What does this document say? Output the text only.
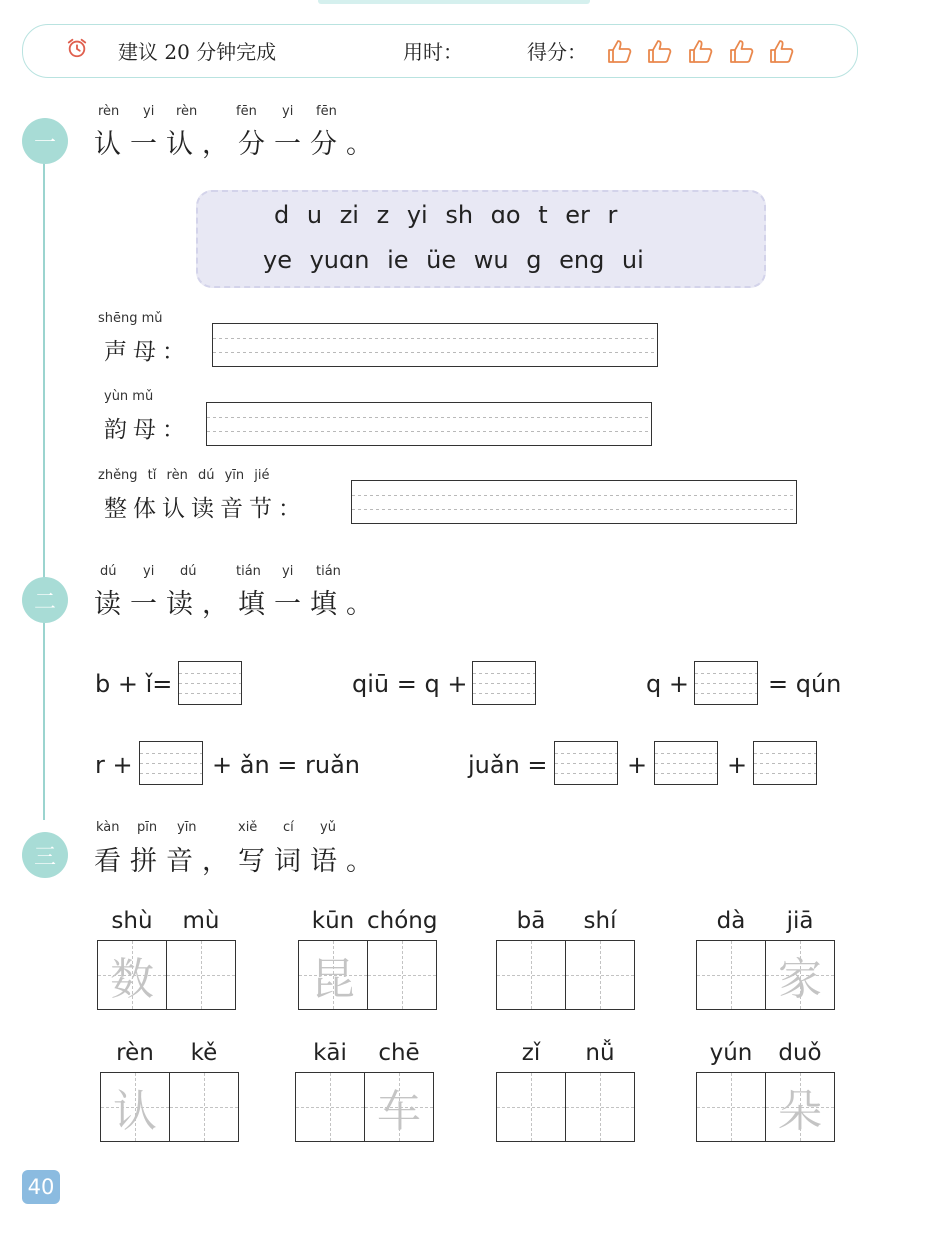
建议 20 分钟完成	用时：	得分：
一
rèn yi rèn	fēn yi fēn
认一认，分一分。
d u zi z yi sh ɑo t er r
ye yuɑn ie üe wu g eng ui
shēng mǔ
声母：
yùn mǔ
韵母：
zhěng tǐ rèn dú yīn jié
整体认读音节：
二
dú yi dú	tián yi tián
读一读，填一填。
b + ǐ=	qiū = q +	q +	= qún
r +	+ ǎn = ruǎn	juǎn =	+	+
三
kàn pīn yīn	xiě cí yǔ
看拼音，写词语。
shù	mù
数
kūn chóng
昆
bā	shí	dà	jiā
家
rèn	kě
认
kāi	chē
车
zǐ	nǚ	yún	duǒ
朵
40
